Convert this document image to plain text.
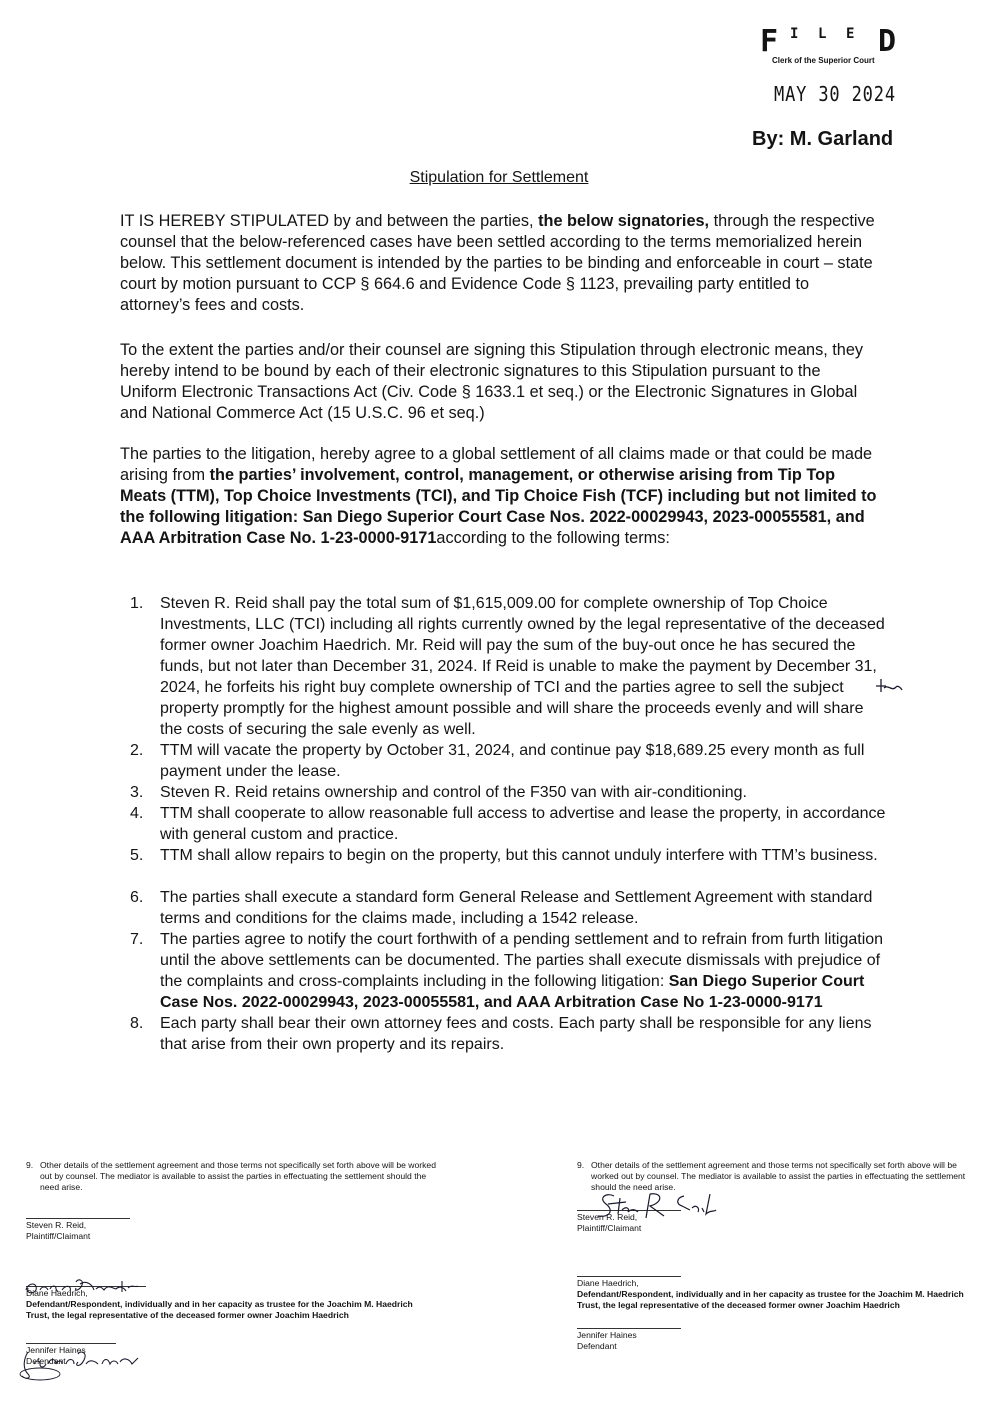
F I L E D
Clerk of the Superior Court
MAY 30 2024
By: M. Garland
Stipulation for Settlement

IT IS HEREBY STIPULATED by and between the parties, the below signatories, through the respective counsel that the below-referenced cases have been settled according to the terms memorialized herein below. This settlement document is intended by the parties to be binding and enforceable in court – state court by motion pursuant to CCP § 664.6 and Evidence Code § 1123, prevailing party entitled to attorney’s fees and costs.

To the extent the parties and/or their counsel are signing this Stipulation through electronic means, they hereby intend to be bound by each of their electronic signatures to this Stipulation pursuant to the Uniform Electronic Transactions Act (Civ. Code § 1633.1 et seq.) or the Electronic Signatures in Global and National Commerce Act (15 U.S.C. 96 et seq.)

The parties to the litigation, hereby agree to a global settlement of all claims made or that could be made arising from the parties’ involvement, control, management, or otherwise arising from Tip Top Meats (TTM), Top Choice Investments (TCI), and Tip Choice Fish (TCF) including but not limited to the following litigation: San Diego Superior Court Case Nos. 2022-00029943, 2023-00055581, and AAA Arbitration Case No. 1-23-0000-9171according to the following terms:

1. Steven R. Reid shall pay the total sum of $1,615,009.00 for complete ownership of Top Choice Investments, LLC (TCI) including all rights currently owned by the legal representative of the deceased former owner Joachim Haedrich. Mr. Reid will pay the sum of the buy-out once he has secured the funds, but not later than December 31, 2024. If Reid is unable to make the payment by December 31, 2024, he forfeits his right buy complete ownership of TCI and the parties agree to sell the subject property promptly for the highest amount possible and will share the proceeds evenly and will share the costs of securing the sale evenly as well.
2. TTM will vacate the property by October 31, 2024, and continue pay $18,689.25 every month as full payment under the lease.
3. Steven R. Reid retains ownership and control of the F350 van with air-conditioning.
4. TTM shall cooperate to allow reasonable full access to advertise and lease the property, in accordance with general custom and practice.
5. TTM shall allow repairs to begin on the property, but this cannot unduly interfere with TTM’s business.
6. The parties shall execute a standard form General Release and Settlement Agreement with standard terms and conditions for the claims made, including a 1542 release.
7. The parties agree to notify the court forthwith of a pending settlement and to refrain from furth litigation until the above settlements can be documented. The parties shall execute dismissals with prejudice of the complaints and cross-complaints including in the following litigation: San Diego Superior Court Case Nos. 2022-00029943, 2023-00055581, and AAA Arbitration Case No 1-23-0000-9171
8. Each party shall bear their own attorney fees and costs. Each party shall be responsible for any liens that arise from their own property and its repairs.
9. Other details of the settlement agreement and those terms not specifically set forth above will be worked out by counsel. The mediator is available to assist the parties in effectuating the settlement should the need arise.
Steven R. Reid,
Plaintiff/Claimant
Diane Haedrich,
Defendant/Respondent, individually and in her capacity as trustee for the Joachim M. Haedrich Trust, the legal representative of the deceased former owner Joachim Haedrich
Jennifer Haines
Defendant
9. Other details of the settlement agreement and those terms not specifically set forth above will be worked out by counsel. The mediator is available to assist the parties in effectuating the settlement should the need arise.
Steven R. Reid,
Plaintiff/Claimant
Diane Haedrich,
Defendant/Respondent, individually and in her capacity as trustee for the Joachim M. Haedrich Trust, the legal representative of the deceased former owner Joachim Haedrich
Jennifer Haines
Defendant
